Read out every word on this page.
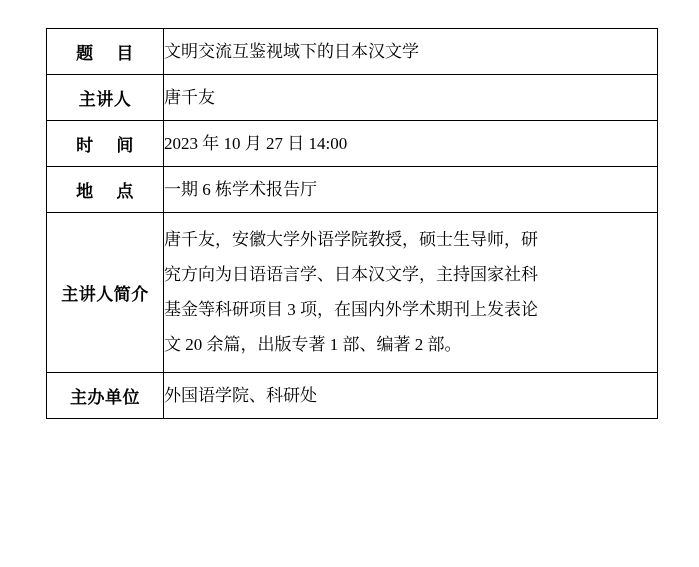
题　 目	文明交流互鉴视域下的日本汉文学
主讲人	唐千友
时　 间	2023 年 10 月 27 日 14:00
地　 点	一期 6 栋学术报告厅
主讲人简介	唐千友，安徽大学外语学院教授，硕士生导师，研
究方向为日语语言学、日本汉文学，主持国家社科
基金等科研项目 3 项，在国内外学术期刊上发表论
文 20 余篇，出版专著 1 部、编著 2 部。

主办单位	外国语学院、科研处
